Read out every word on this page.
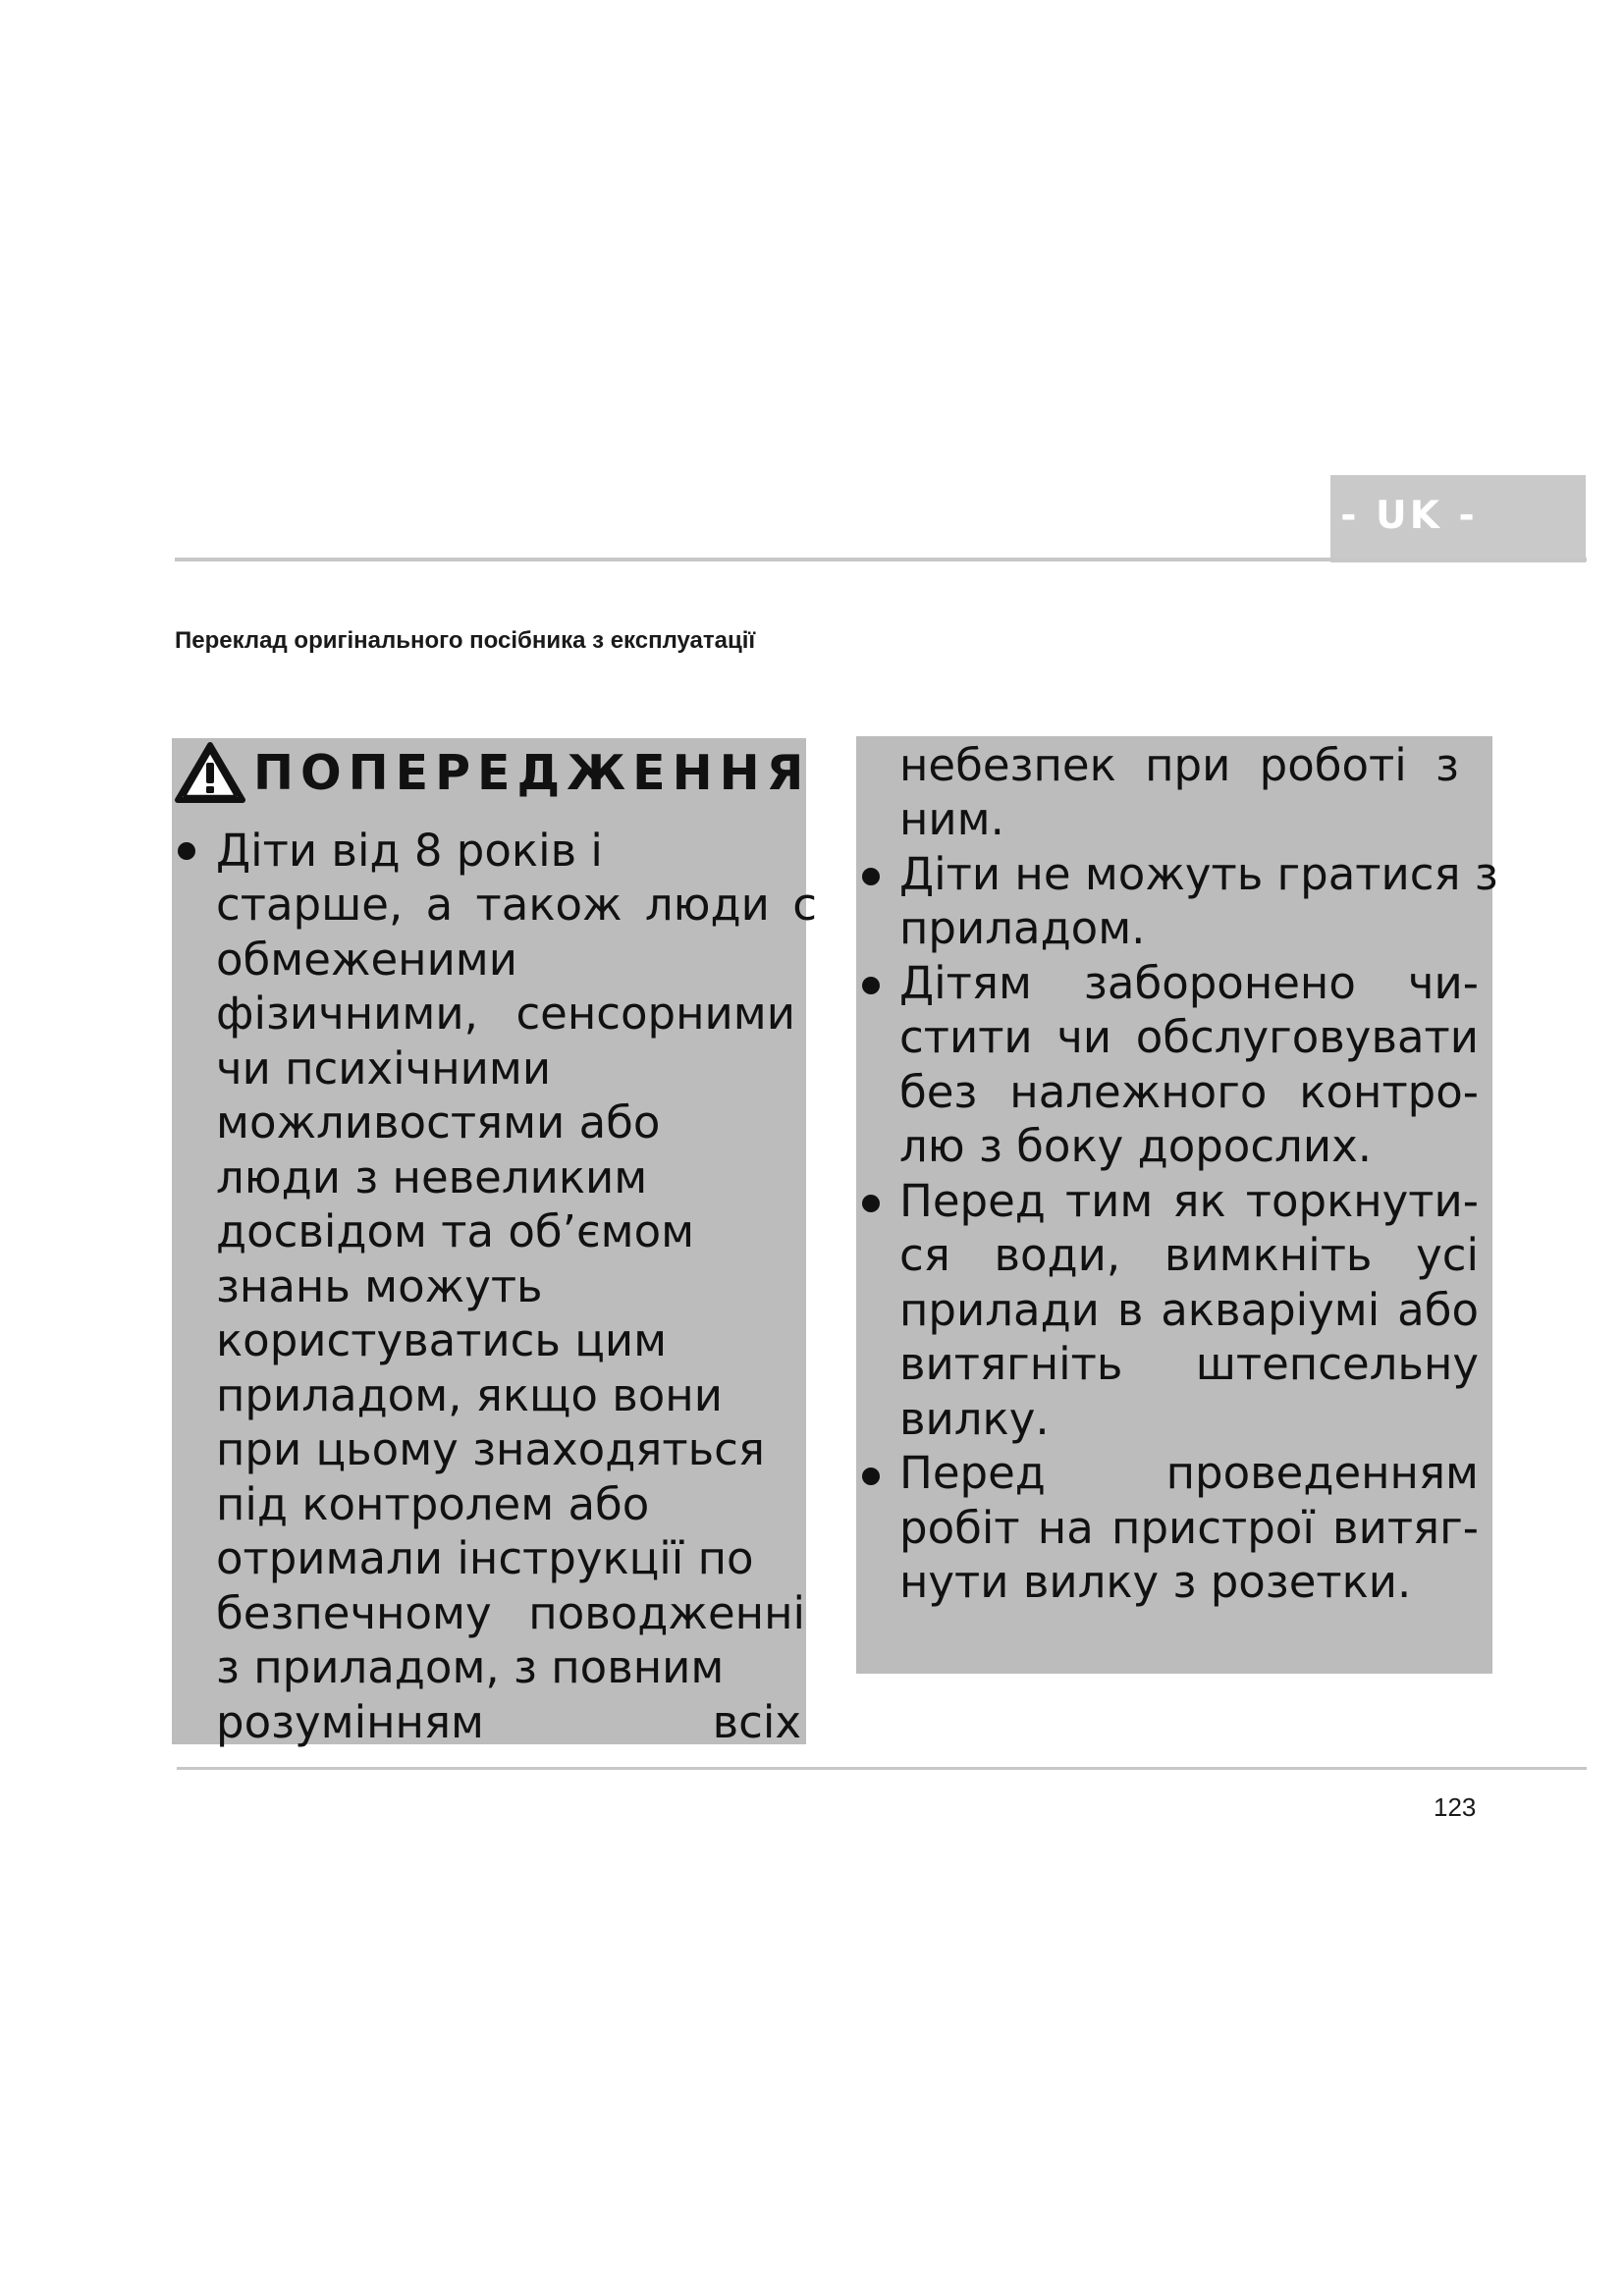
- UK -
Переклад оригінального посібника з експлуатації
ПОПЕРЕДЖЕННЯ
Діти від 8 років і
старше, а також люди с
обмеженими
фізичними, сенсорними
чи психічними
можливостями або
люди з невеликим
досвідом та об’ємом
знань можуть
користуватись цим
приладом, якщо вони
при цьому знаходяться
під контролем або
отримали інструкції по
безпечному поводженні
з приладом, з повним
розумінням всіх
небезпек при роботі з
ним.
Діти не можуть гратися з
приладом.
Дітям заборонено чи-
стити чи обслуговувати
без належного контро-
лю з боку дорослих.
Перед тим як торкнути-
ся води, вимкніть усі
прилади в акваріумі або
витягніть штепсельну
вилку.
Перед проведенням
робіт на пристрої витяг-
нути вилку з розетки.
123
